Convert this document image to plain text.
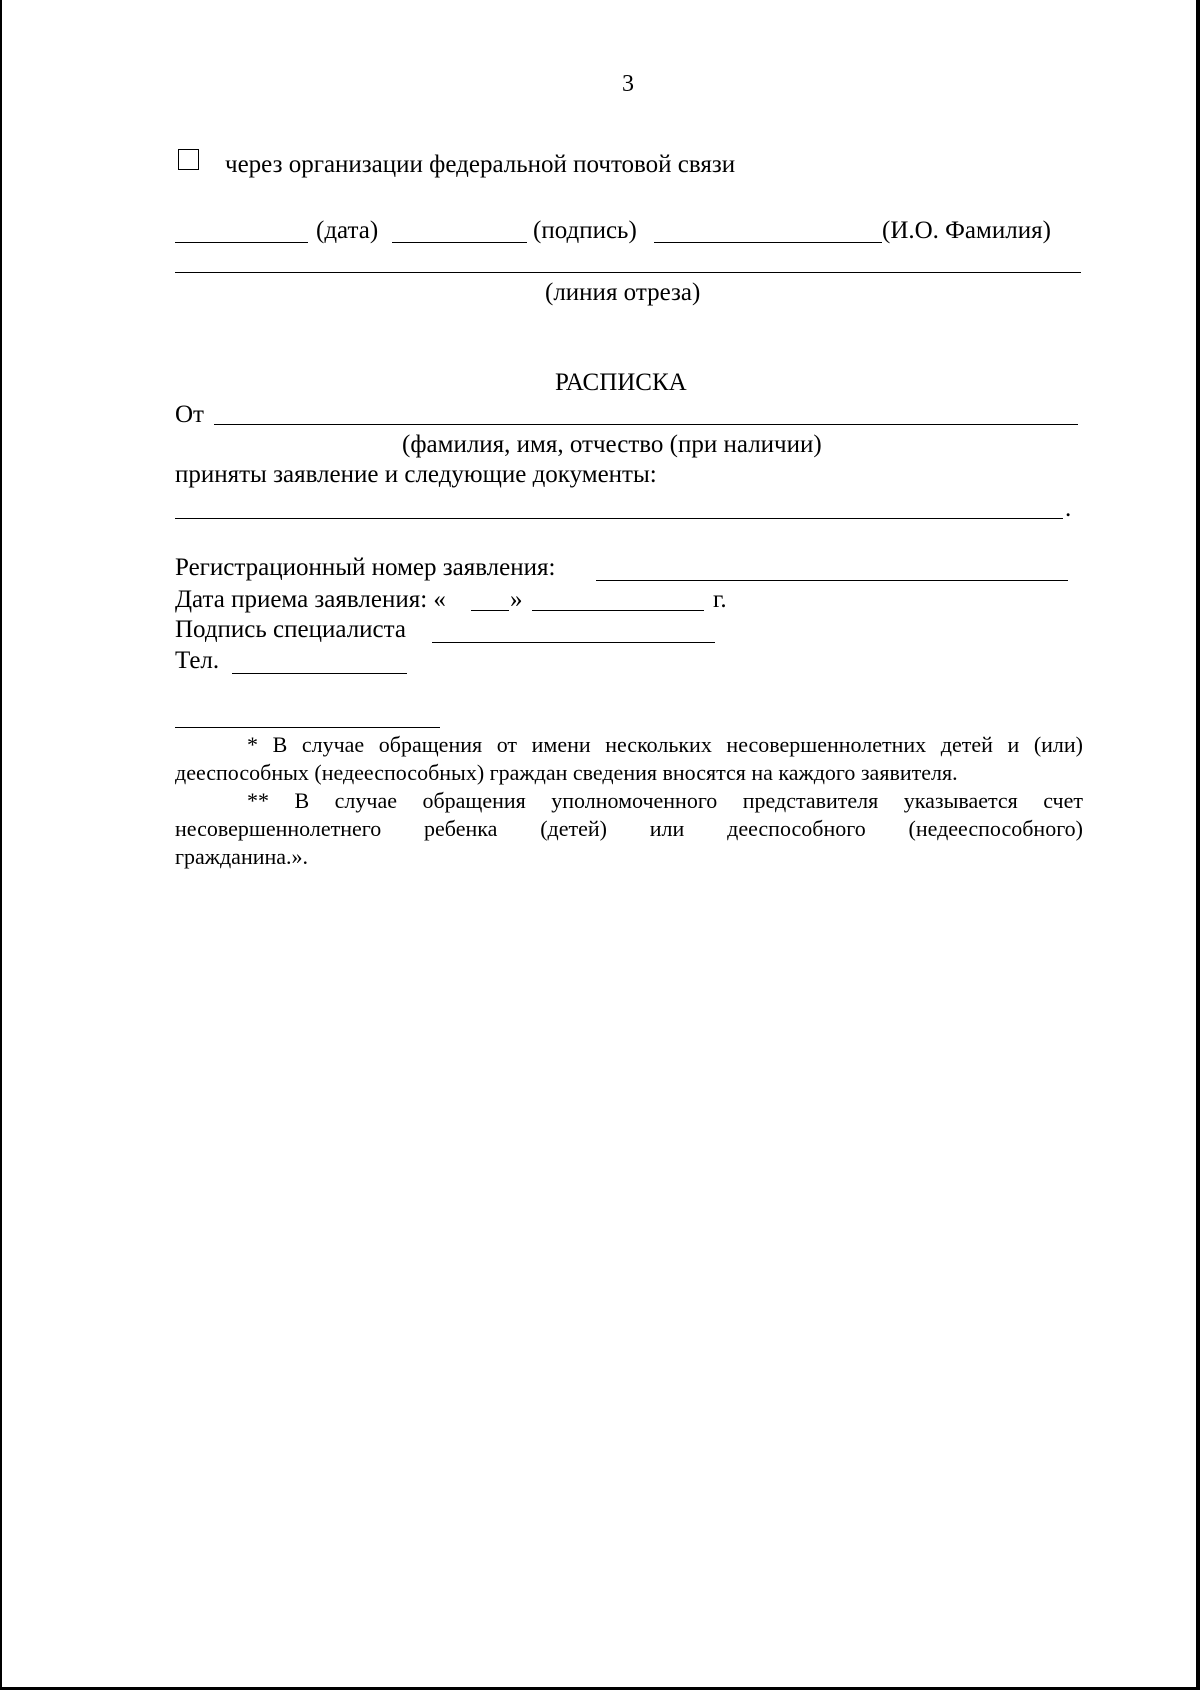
3
через организации федеральной почтовой связи
(дата)	(подпись)	(И.О. Фамилия)
(линия отреза)
РАСПИСКА
От
(фамилия, имя, отчество (при наличии)
приняты заявление и следующие документы:
.
Регистрационный номер заявления:
Дата приема заявления: «	»	г.
Подпись специалиста
Тел.
* В случае обращения от имени нескольких несовершеннолетних детей и (или)
дееспособных (недееспособных) граждан сведения вносятся на каждого заявителя.
** В случае обращения уполномоченного представителя указывается счет
несовершеннолетнего ребенка (детей) или дееспособного (недееспособного)
гражданина.».
